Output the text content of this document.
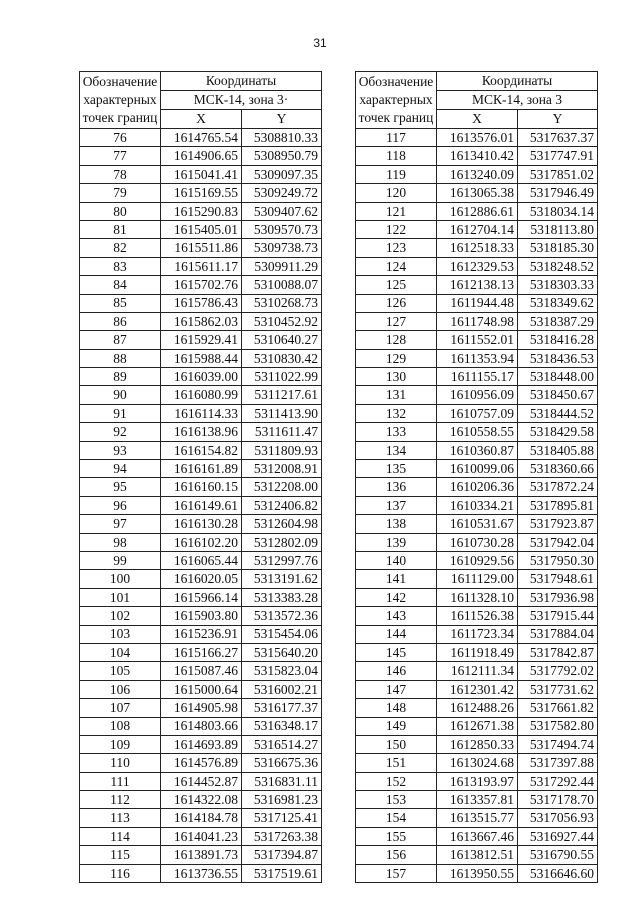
31
Обозначение
характерных
точек границ	Координаты	
	МСК-14, зона 3·	
	X	Y
76	1614765.54	5308810.33
77	1614906.65	5308950.79
78	1615041.41	5309097.35
79	1615169.55	5309249.72
80	1615290.83	5309407.62
81	1615405.01	5309570.73
82	1615511.86	5309738.73
83	1615611.17	5309911.29
84	1615702.76	5310088.07
85	1615786.43	5310268.73
86	1615862.03	5310452.92
87	1615929.41	5310640.27
88	1615988.44	5310830.42
89	1616039.00	5311022.99
90	1616080.99	5311217.61
91	1616114.33	5311413.90
92	1616138.96	5311611.47
93	1616154.82	5311809.93
94	1616161.89	5312008.91
95	1616160.15	5312208.00
96	1616149.61	5312406.82
97	1616130.28	5312604.98
98	1616102.20	5312802.09
99	1616065.44	5312997.76
100	1616020.05	5313191.62
101	1615966.14	5313383.28
102	1615903.80	5313572.36
103	1615236.91	5315454.06
104	1615166.27	5315640.20
105	1615087.46	5315823.04
106	1615000.64	5316002.21
107	1614905.98	5316177.37
108	1614803.66	5316348.17
109	1614693.89	5316514.27
110	1614576.89	5316675.36
111	1614452.87	5316831.11
112	1614322.08	5316981.23
113	1614184.78	5317125.41
114	1614041.23	5317263.38
115	1613891.73	5317394.87
116	1613736.55	5317519.61
Обозначение
характерных
точек границ	Координаты	
	МСК-14, зона 3	
	X	Y
117	1613576.01	5317637.37
118	1613410.42	5317747.91
119	1613240.09	5317851.02
120	1613065.38	5317946.49
121	1612886.61	5318034.14
122	1612704.14	5318113.80
123	1612518.33	5318185.30
124	1612329.53	5318248.52
125	1612138.13	5318303.33
126	1611944.48	5318349.62
127	1611748.98	5318387.29
128	1611552.01	5318416.28
129	1611353.94	5318436.53
130	1611155.17	5318448.00
131	1610956.09	5318450.67
132	1610757.09	5318444.52
133	1610558.55	5318429.58
134	1610360.87	5318405.88
135	1610099.06	5318360.66
136	1610206.36	5317872.24
137	1610334.21	5317895.81
138	1610531.67	5317923.87
139	1610730.28	5317942.04
140	1610929.56	5317950.30
141	1611129.00	5317948.61
142	1611328.10	5317936.98
143	1611526.38	5317915.44
144	1611723.34	5317884.04
145	1611918.49	5317842.87
146	1612111.34	5317792.02
147	1612301.42	5317731.62
148	1612488.26	5317661.82
149	1612671.38	5317582.80
150	1612850.33	5317494.74
151	1613024.68	5317397.88
152	1613193.97	5317292.44
153	1613357.81	5317178.70
154	1613515.77	5317056.93
155	1613667.46	5316927.44
156	1613812.51	5316790.55
157	1613950.55	5316646.60
